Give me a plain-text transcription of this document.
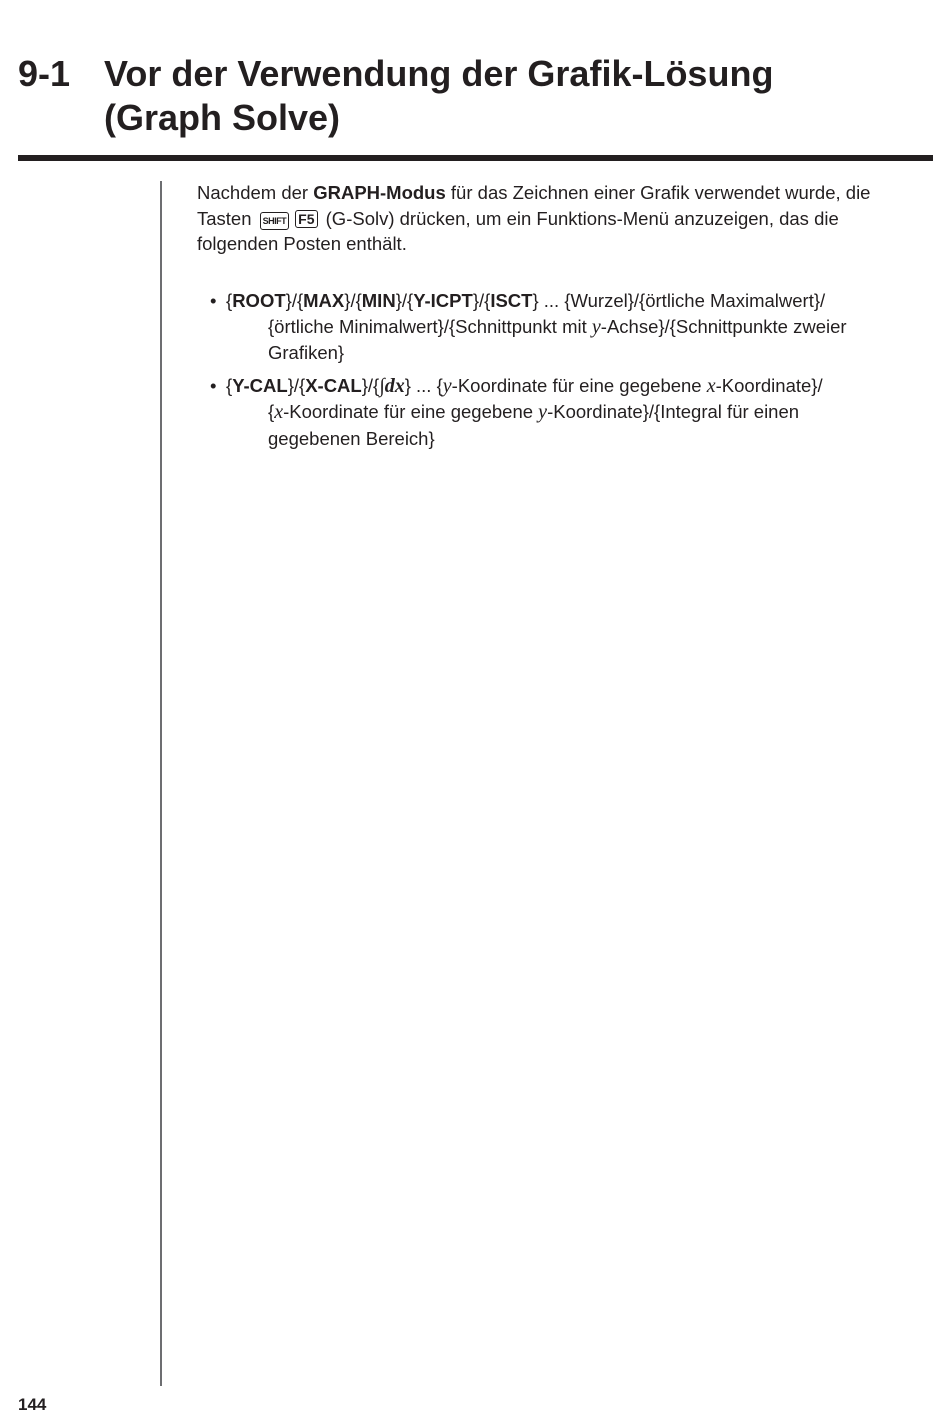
9-1 Vor der Verwendung der Grafik-Lösung
(Graph Solve)
Nachdem der GRAPH-Modus für das Zeichnen einer Grafik verwendet wurde, die
Tasten SHIFT F5 (G-Solv) drücken, um ein Funktions-Menü anzuzeigen, das die
folgenden Posten enthält.
• {ROOT}/{MAX}/{MIN}/{Y-ICPT}/{ISCT} ... {Wurzel}/{örtliche Maximalwert}/
{örtliche Minimalwert}/{Schnittpunkt mit y-Achse}/{Schnittpunkte zweier
Grafiken}
• {Y-CAL}/{X-CAL}/{∫dx} ... {y-Koordinate für eine gegebene x-Koordinate}/
{x-Koordinate für eine gegebene y-Koordinate}/{Integral für einen
gegebenen Bereich}
144
